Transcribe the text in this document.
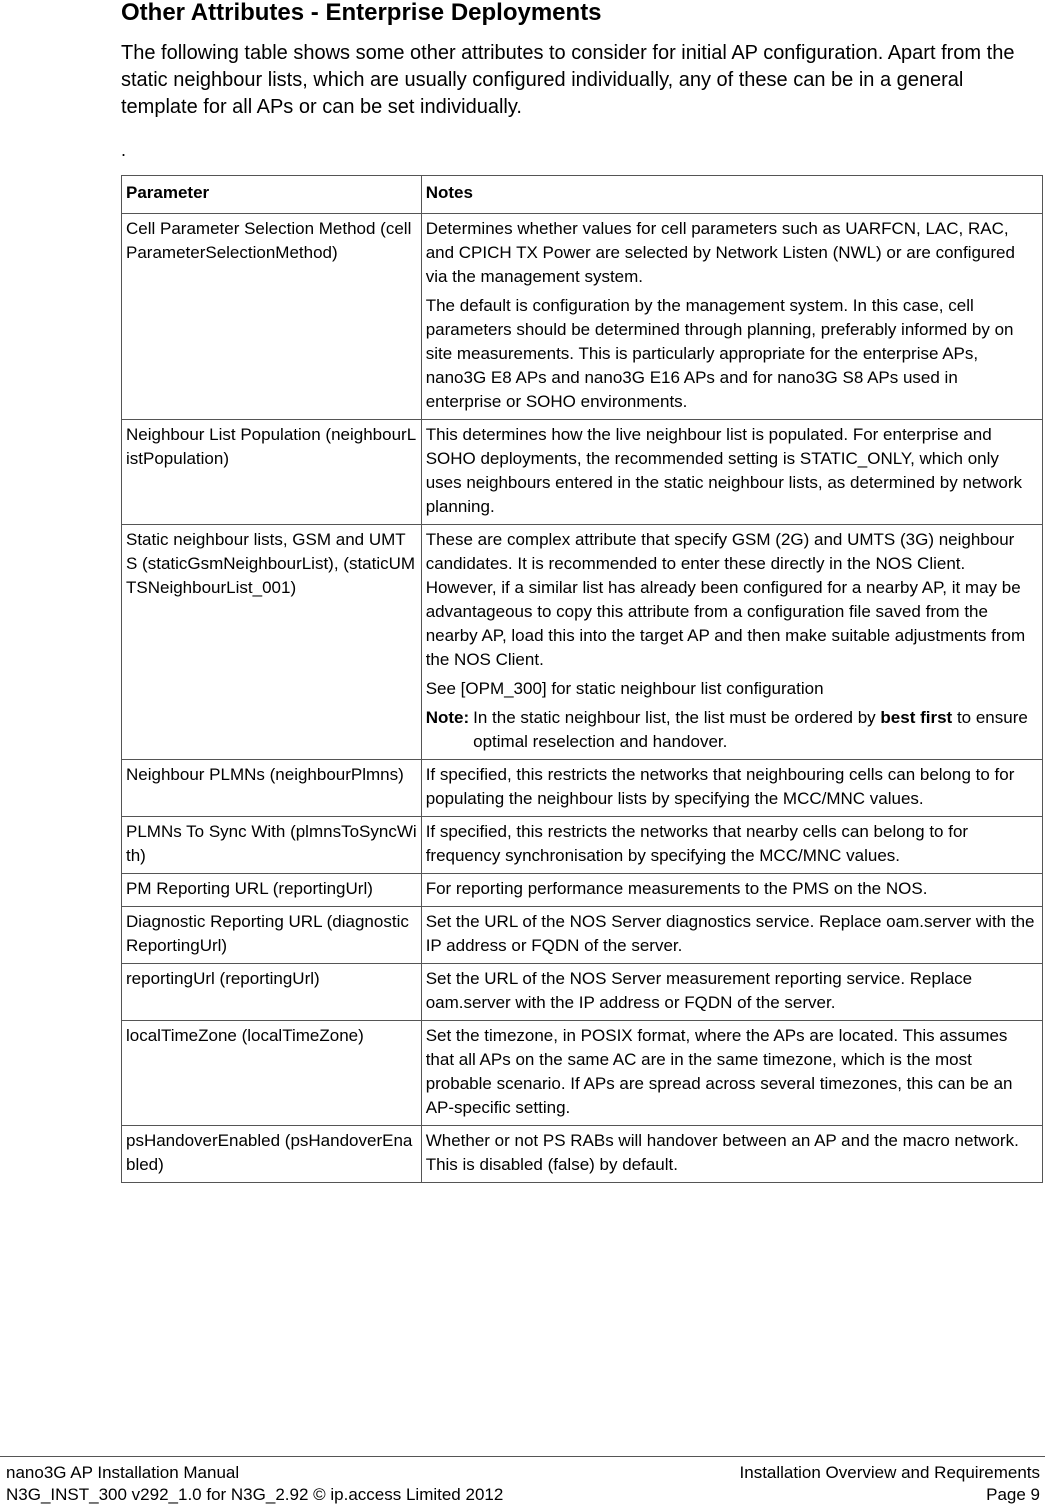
Other Attributes - Enterprise Deployments

The following table shows some other attributes to consider for initial AP configuration. Apart from the static neighbour lists, which are usually configured individually, any of these can be in a general template for all APs or can be set individually.

.
Parameter	Notes
Cell Parameter Selection Method (cellParameterSelectionMethod)	Determines whether values for cell parameters such as UARFCN, LAC, RAC, and CPICH TX Power are selected by Network Listen (NWL) or are configured via the management system.

The default is configuration by the management system. In this case, cell parameters should be determined through planning, preferably informed by on site measurements. This is particularly appropriate for the enterprise APs, nano3G E8 APs and nano3G E16 APs and for nano3G S8 APs used in enterprise or SOHO environments.

Neighbour List Population (neighbourListPopulation)	This determines how the live neighbour list is populated. For enterprise and SOHO deployments, the recommended setting is STATIC_ONLY, which only uses neighbours entered in the static neighbour lists, as determined by network planning.

Static neighbour lists, GSM and UMTS (staticGsmNeighbourList), (staticUMTSNeighbourList_001)	These are complex attribute that specify GSM (2G) and UMTS (3G) neighbour candidates. It is recommended to enter these directly in the NOS Client. However, if a similar list has already been configured for a nearby AP, it may be advantageous to copy this attribute from a configuration file saved from the nearby AP, load this into the target AP and then make suitable adjustments from the NOS Client.

See [OPM_300] for static neighbour list configuration

Note: In the static neighbour list, the list must be ordered by best first to ensure optimal reselection and handover.

Neighbour PLMNs (neighbourPlmns)	If specified, this restricts the networks that neighbouring cells can belong to for populating the neighbour lists by specifying the MCC/MNC values.

PLMNs To Sync With (plmnsToSyncWith)	If specified, this restricts the networks that nearby cells can belong to for frequency synchronisation by specifying the MCC/MNC values.

PM Reporting URL (reportingUrl)	For reporting performance measurements to the PMS on the NOS.

Diagnostic Reporting URL (diagnosticReportingUrl)	Set the URL of the NOS Server diagnostics service. Replace oam.server with the IP address or FQDN of the server.

reportingUrl (reportingUrl)	Set the URL of the NOS Server measurement reporting service. Replace oam.server with the IP address or FQDN of the server.

localTimeZone (localTimeZone)	Set the timezone, in POSIX format, where the APs are located. This assumes that all APs on the same AC are in the same timezone, which is the most probable scenario. If APs are spread across several timezones, this can be an AP-specific setting.

psHandoverEnabled (psHandoverEnabled)	Whether or not PS RABs will handover between an AP and the macro network. This is disabled (false) by default.

nano3G AP Installation Manual	Installation Overview and Requirements
N3G_INST_300 v292_1.0 for N3G_2.92 © ip.access Limited 2012	Page 9
